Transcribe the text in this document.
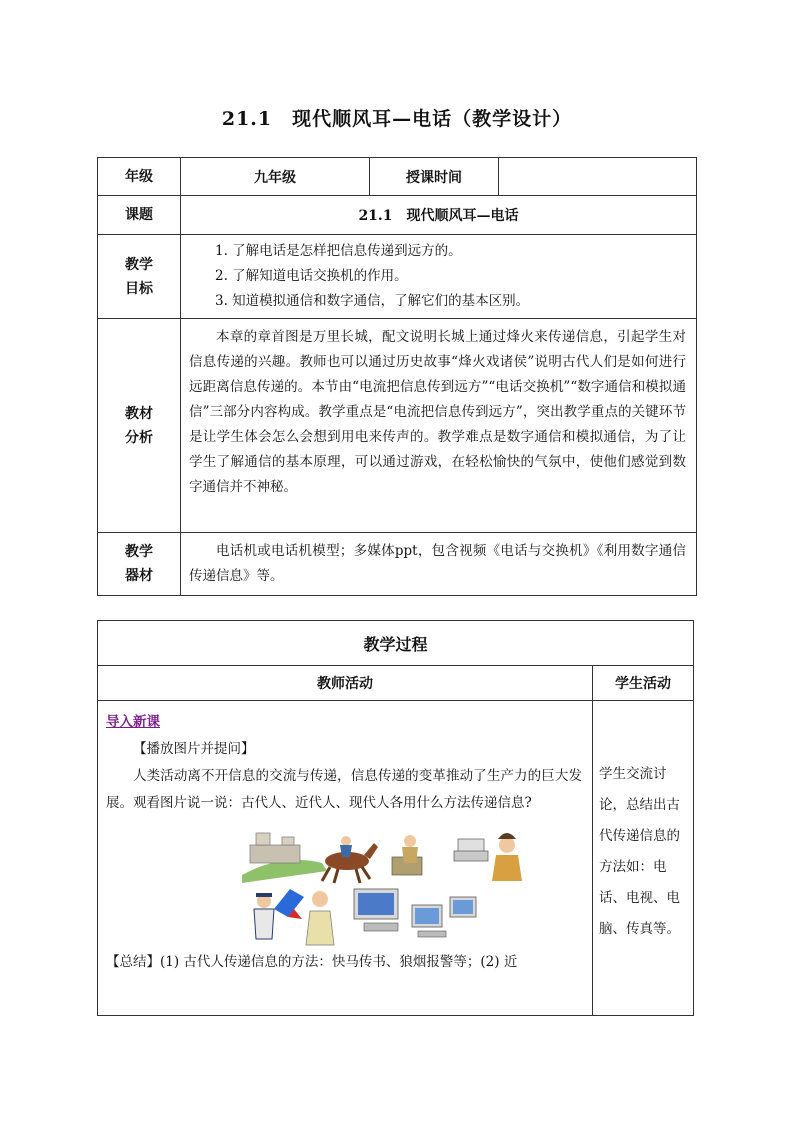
21.1　现代顺风耳—电话（教学设计）
年级	九年级	授课时间	
课题	21.1　现代顺风耳—电话		

教学目标	1. 了解电话是怎样把信息传递到远方的。
2. 了解知道电话交换机的作用。
3. 知道模拟通信和数字通信，了解它们的基本区别。		

教材分析	本章的章首图是万里长城，配文说明长城上通过烽火来传递信息，引起学生对信息传递的兴趣。教师也可以通过历史故事“烽火戏诸侯”说明古代人们是如何进行远距离信息传递的。本节由“电流把信息传到远方”“电话交换机”“数字通信和模拟通信”三部分内容构成。教学重点是“电流把信息传到远方”，突出教学重点的关键环节是让学生体会怎么会想到用电来传声的。教学难点是数字通信和模拟通信，为了让学生了解通信的基本原理，可以通过游戏，在轻松愉快的气氛中，使他们感觉到数字通信并不神秘。		

教学器材	电话机或电话机模型；多媒体ppt，包含视频《电话与交换机》《利用数字通信传递信息》等。		
教学过程	
教师活动	学生活动

导入新课
【播放图片并提问】
人类活动离不开信息的交流与传递，信息传递的变革推动了生产力的巨大发展。观看图片说一说：古代人、近代人、现代人各用什么方法传递信息?
【总结】(1) 古代人传递信息的方法：快马传书、狼烟报警等；(2) 近	学生交流讨论，总结出古代传递信息的方法如：电话、电视、电脑、传真等。
